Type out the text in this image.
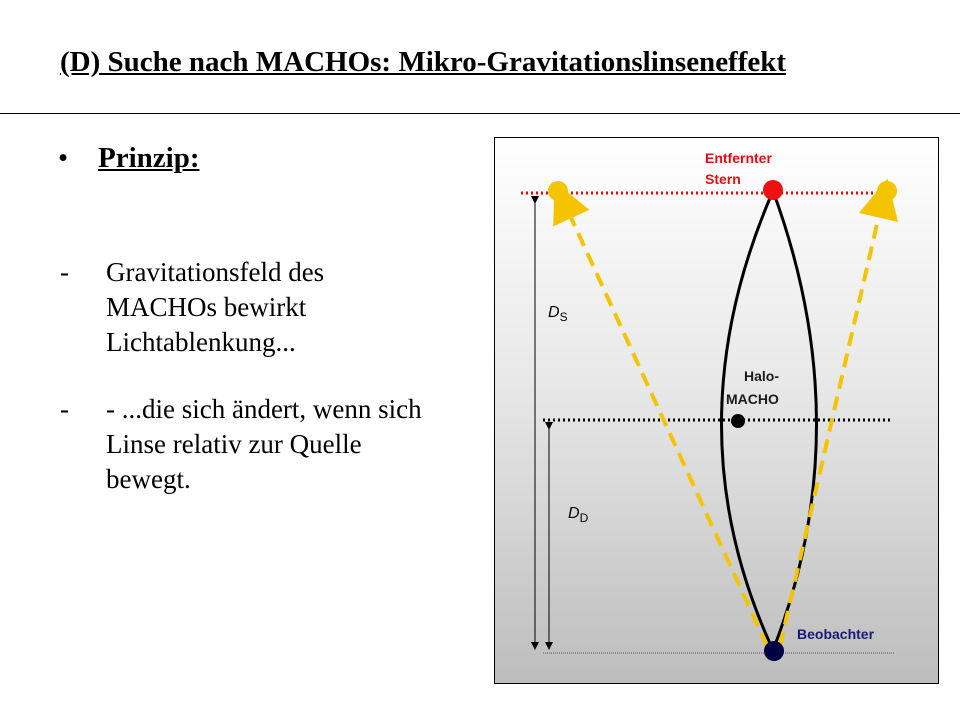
(D) Suche nach MACHOs: Mikro-Gravitationslinseneffekt
• Prinzip:
-	Gravitationsfeld des MACHOs bewirkt Lichtablenkung...
-	- ...die sich ändert, wenn sich Linse relativ zur Quelle bewegt.
Entfernter
Stern
Halo-
MACHO
Beobachter
$D_S$
$D_D$
